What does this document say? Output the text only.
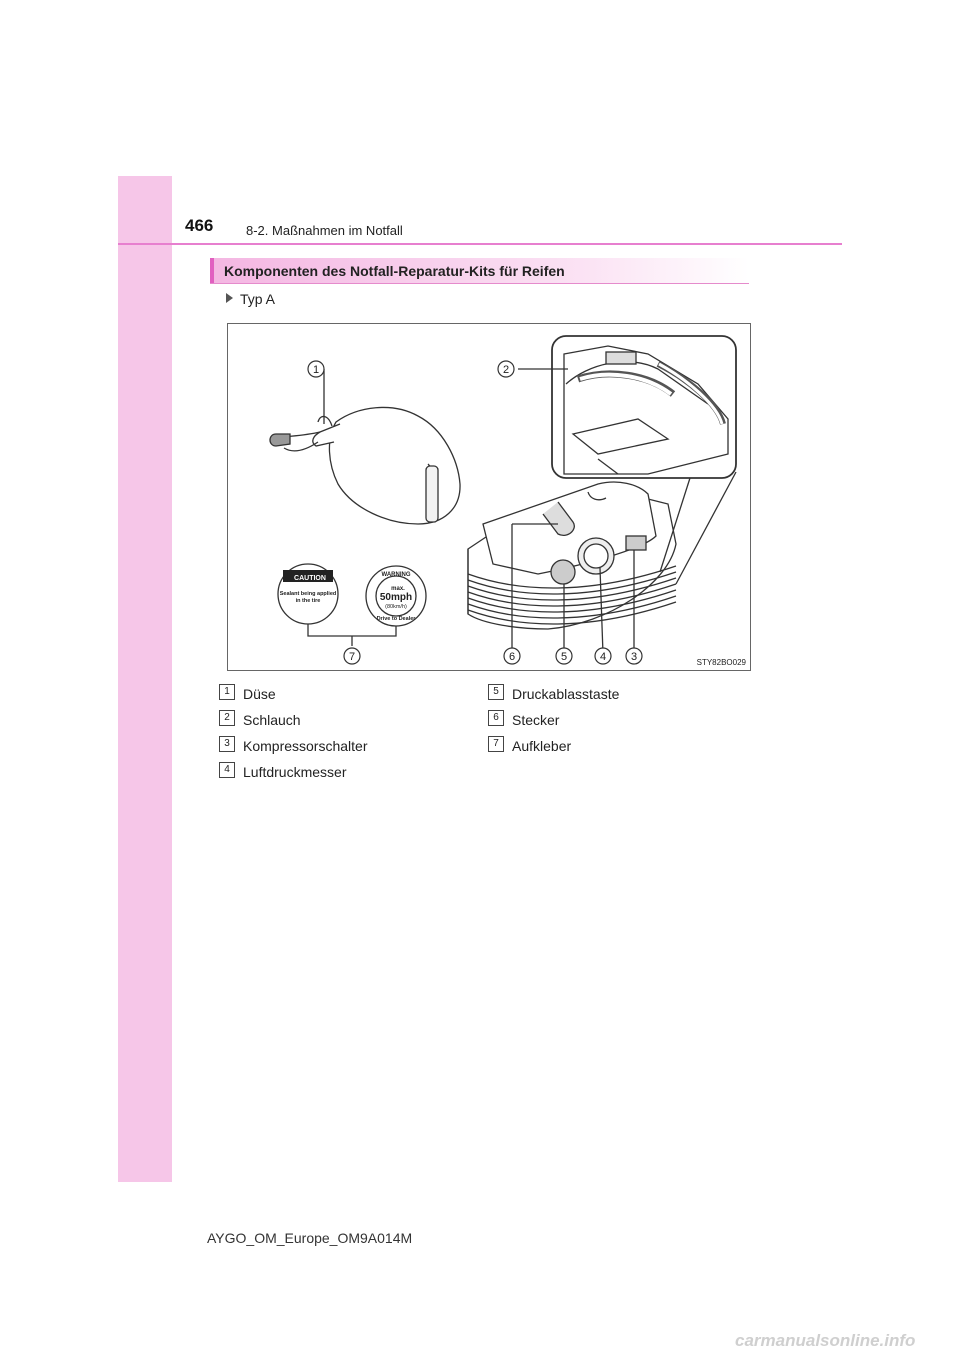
466	8-2. Maßnahmen im Notfall
Komponenten des Notfall-Reparatur-Kits für Reifen
Typ A
1	2
3
4
5
6
7
CAUTION
Sealant being applied
in the tire
WARNING
max.
50mph
(80km/h)
Drive to Dealer
STY82BO029
1 Düse
2 Schlauch
3 Kompressorschalter
4 Luftdruckmesser
5 Druckablasstaste
6 Stecker
7 Aufkleber
AYGO_OM_Europe_OM9A014M
carmanualsonline.info
